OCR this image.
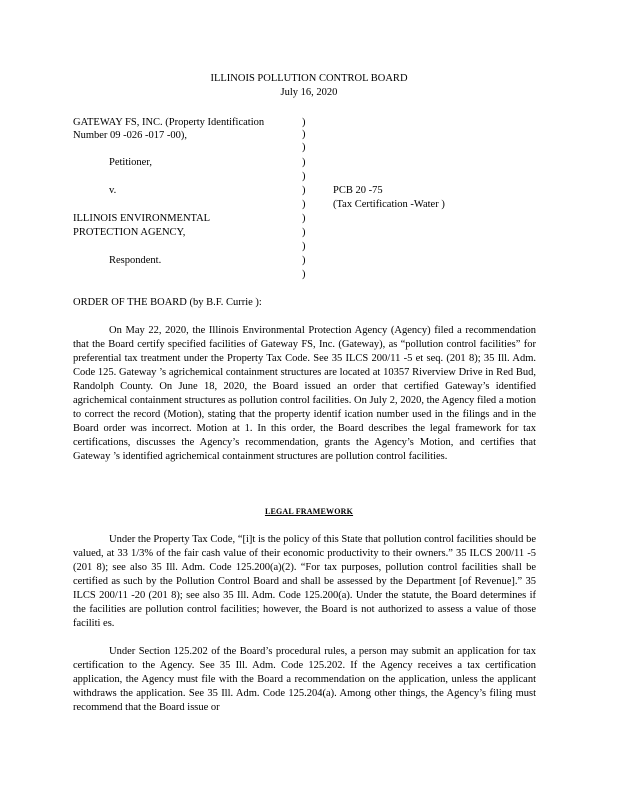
ILLINOIS POLLUTION CONTROL BOARD
July 16, 2020
GATEWAY FS, INC. (Property Identification
Number 09 -026 -017 -00),
Petitioner,
v.
ILLINOIS ENVIRONMENTAL
PROTECTION AGENCY,
Respondent.
)
)
)
)
)
)
)
)
)
)
)
)
PCB 20 -75
(Tax Certification -Water )
ORDER OF THE BOARD (by B.F. Currie ):

On May 22, 2020, the Illinois Environmental Protection Agency (Agency) filed a recommendation that the Board certify specified facilities of Gateway FS, Inc. (Gateway), as “pollution control facilities” for preferential tax treatment under the Property Tax Code. See 35 ILCS 200/11 -5 et seq. (201 8); 35 Ill. Adm. Code 125. Gateway ’s agrichemical containment structures are located at 10357 Riverview Drive in Red Bud, Randolph County. On June 18, 2020, the Board issued an order that certified Gateway’s identified agrichemical containment structures as pollution control facilities. On July 2, 2020, the Agency filed a motion to correct the record (Motion), stating that the property identif ication number used in the filings and in the Board order was incorrect. Motion at 1. In this order, the Board describes the legal framework for tax certifications, discusses the Agency’s recommendation, grants the Agency’s Motion, and certifies that Gateway ’s identified agrichemical containment structures are pollution control facilities.

LEGAL FRAMEWORK

Under the Property Tax Code, “[i]t is the policy of this State that pollution control facilities should be valued, at 33 1/3% of the fair cash value of their economic productivity to their owners.” 35 ILCS 200/11 -5 (201 8); see also 35 Ill. Adm. Code 125.200(a)(2). “For tax purposes, pollution control facilities shall be certified as such by the Pollution Control Board and shall be assessed by the Department [of Revenue].” 35 ILCS 200/11 -20 (201 8); see also 35 Ill. Adm. Code 125.200(a). Under the statute, the Board determines if the facilities are pollution control facilities; however, the Board is not authorized to assess a value of those faciliti es.

Under Section 125.202 of the Board’s procedural rules, a person may submit an application for tax certification to the Agency. See 35 Ill. Adm. Code 125.202. If the Agency receives a tax certification application, the Agency must file with the Board a recommendation on the application, unless the applicant withdraws the application. See 35 Ill. Adm. Code 125.204(a). Among other things, the Agency’s filing must recommend that the Board issue or
